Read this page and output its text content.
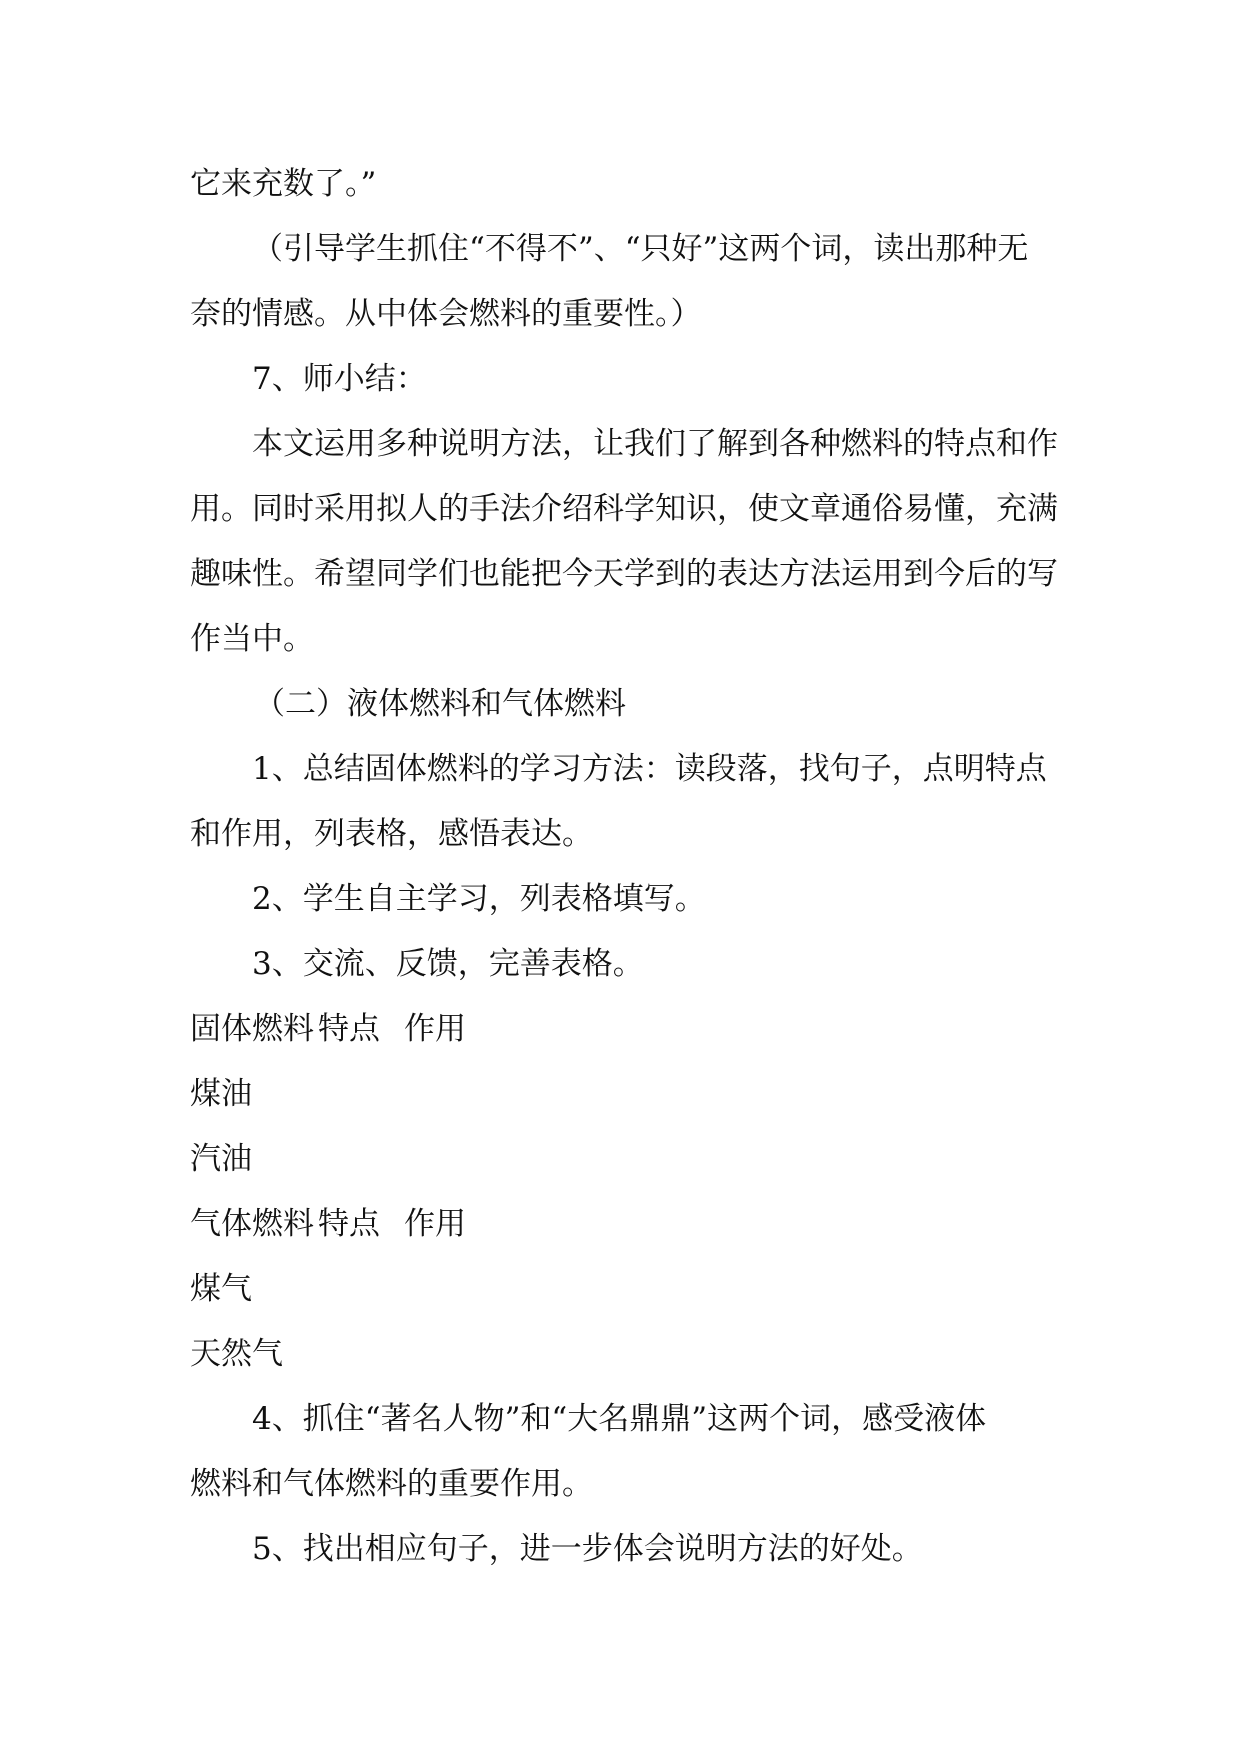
它来充数了。”

（引导学生抓住“不得不”、“只好”这两个词，读出那种无

奈的情感。从中体会燃料的重要性。）

7、师小结：

本文运用多种说明方法，让我们了解到各种燃料的特点和作

用。同时采用拟人的手法介绍科学知识，使文章通俗易懂，充满

趣味性。希望同学们也能把今天学到的表达方法运用到今后的写

作当中。

（二）液体燃料和气体燃料

1、总结固体燃料的学习方法：读段落，找句子，点明特点

和作用，列表格，感悟表达。

2、学生自主学习，列表格填写。

3、交流、反馈，完善表格。

固体燃料 特点 作用

煤油

汽油

气体燃料 特点 作用

煤气

天然气

4、抓住“著名人物”和“大名鼎鼎”这两个词，感受液体

燃料和气体燃料的重要作用。

5、找出相应句子，进一步体会说明方法的好处。
